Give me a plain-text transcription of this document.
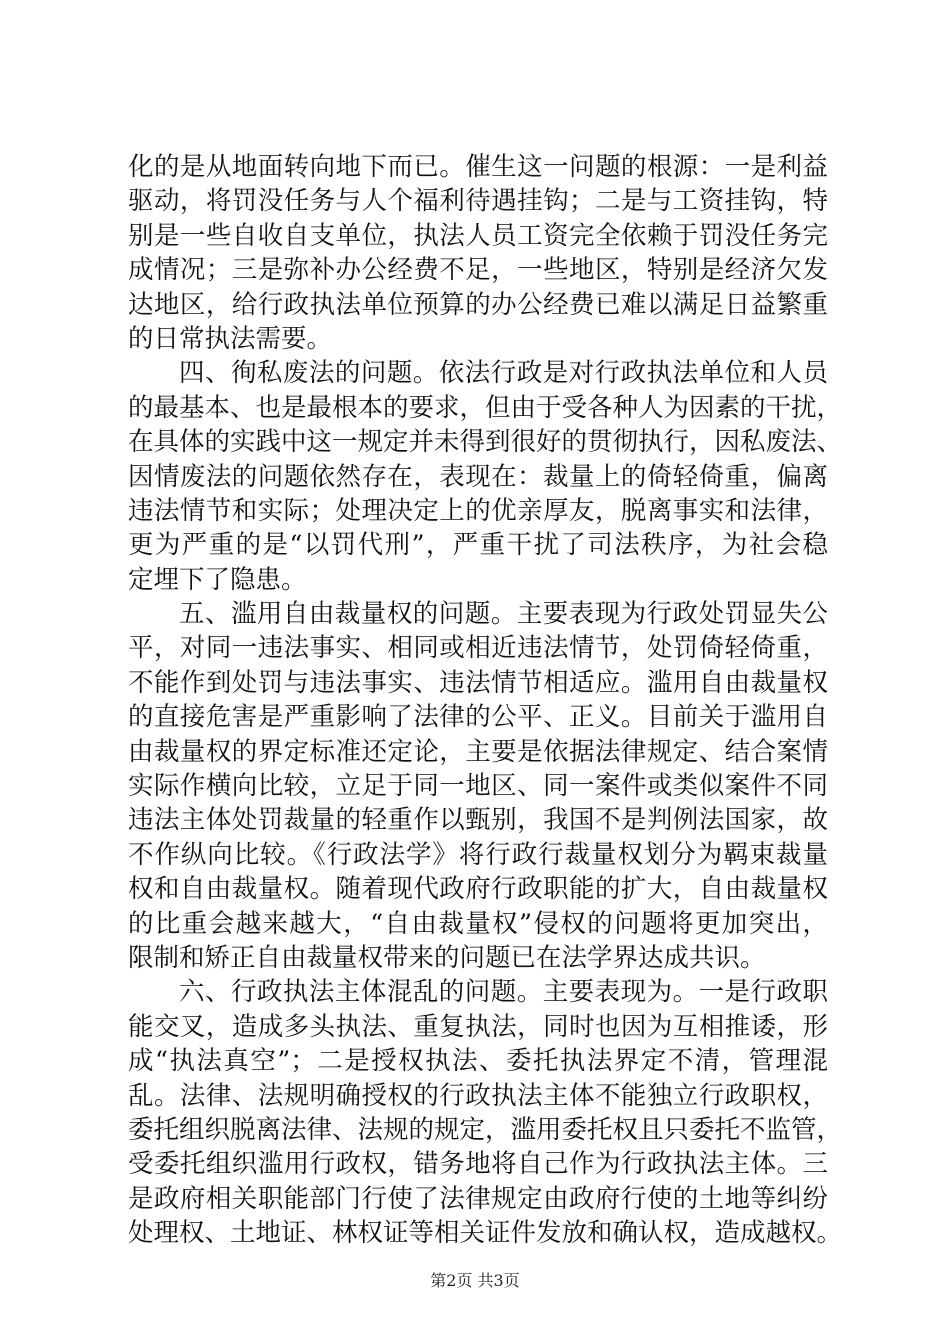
化的是从地面转向地下而已。催生这一问题的根源：一是利益
驱动，将罚没任务与人个福利待遇挂钩；二是与工资挂钩，特
别是一些自收自支单位，执法人员工资完全依赖于罚没任务完
成情况；三是弥补办公经费不足，一些地区，特别是经济欠发
达地区，给行政执法单位预算的办公经费已难以满足日益繁重
的日常执法需要。
四、徇私废法的问题。依法行政是对行政执法单位和人员
的最基本、也是最根本的要求，但由于受各种人为因素的干扰，
在具体的实践中这一规定并未得到很好的贯彻执行，因私废法、
因情废法的问题依然存在，表现在：裁量上的倚轻倚重，偏离
违法情节和实际；处理决定上的优亲厚友，脱离事实和法律，
更为严重的是“以罚代刑”，严重干扰了司法秩序，为社会稳
定埋下了隐患。
五、滥用自由裁量权的问题。主要表现为行政处罚显失公
平，对同一违法事实、相同或相近违法情节，处罚倚轻倚重，
不能作到处罚与违法事实、违法情节相适应。滥用自由裁量权
的直接危害是严重影响了法律的公平、正义。目前关于滥用自
由裁量权的界定标准还定论，主要是依据法律规定、结合案情
实际作横向比较，立足于同一地区、同一案件或类似案件不同
违法主体处罚裁量的轻重作以甄别，我国不是判例法国家，故
不作纵向比较。《行政法学》将行政行裁量权划分为羁束裁量
权和自由裁量权。随着现代政府行政职能的扩大，自由裁量权
的比重会越来越大，“自由裁量权”侵权的问题将更加突出，
限制和矫正自由裁量权带来的问题已在法学界达成共识。
六、行政执法主体混乱的问题。主要表现为。一是行政职
能交叉，造成多头执法、重复执法，同时也因为互相推诿，形
成“执法真空”；二是授权执法、委托执法界定不清，管理混
乱。法律、法规明确授权的行政执法主体不能独立行政职权，
委托组织脱离法律、法规的规定，滥用委托权且只委托不监管，
受委托组织滥用行政权，错务地将自己作为行政执法主体。三
是政府相关职能部门行使了法律规定由政府行使的土地等纠纷
处理权、土地证、林权证等相关证件发放和确认权，造成越权。
第2页 共3页
